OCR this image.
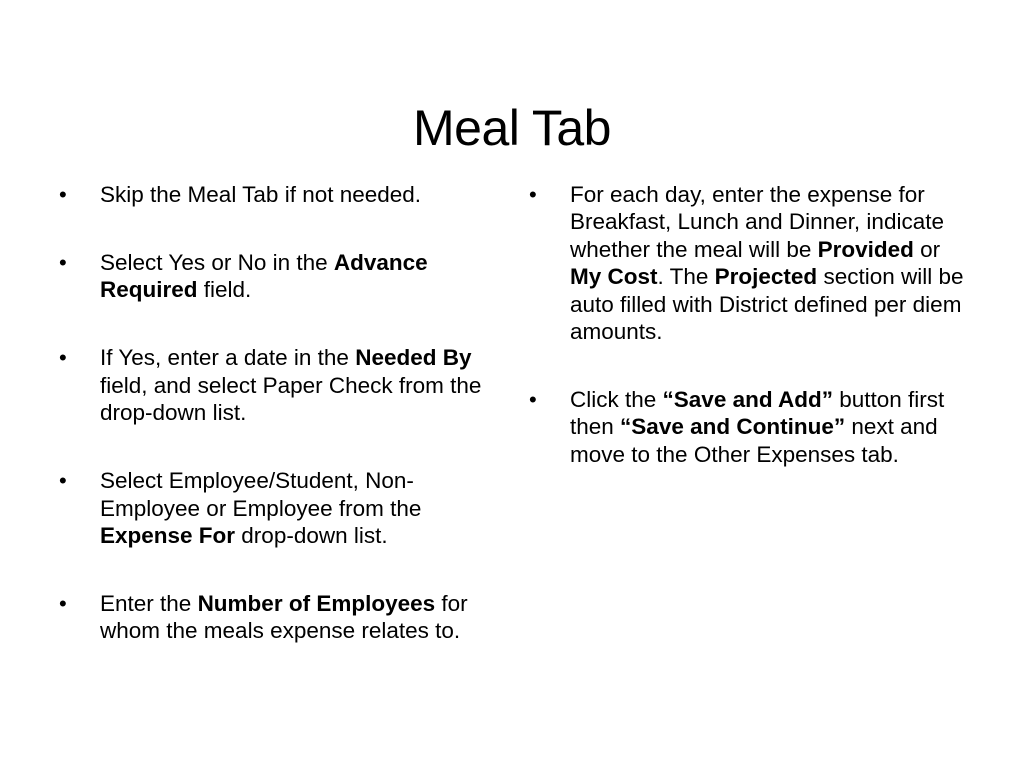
Meal Tab
• Skip the Meal Tab if not needed.
• Select Yes or No in the Advance Required field.
• If Yes, enter a date in the Needed By field, and select Paper Check from the drop-down list.
• Select Employee/Student, Non-Employee or Employee from the Expense For drop-down list.
• Enter the Number of Employees for whom the meals expense relates to.
• For each day, enter the expense for Breakfast, Lunch and Dinner, indicate whether the meal will be Provided or My Cost. The Projected section will be auto filled with District defined per diem amounts.
• Click the “Save and Add” button first then “Save and Continue” next and move to the Other Expenses tab.
